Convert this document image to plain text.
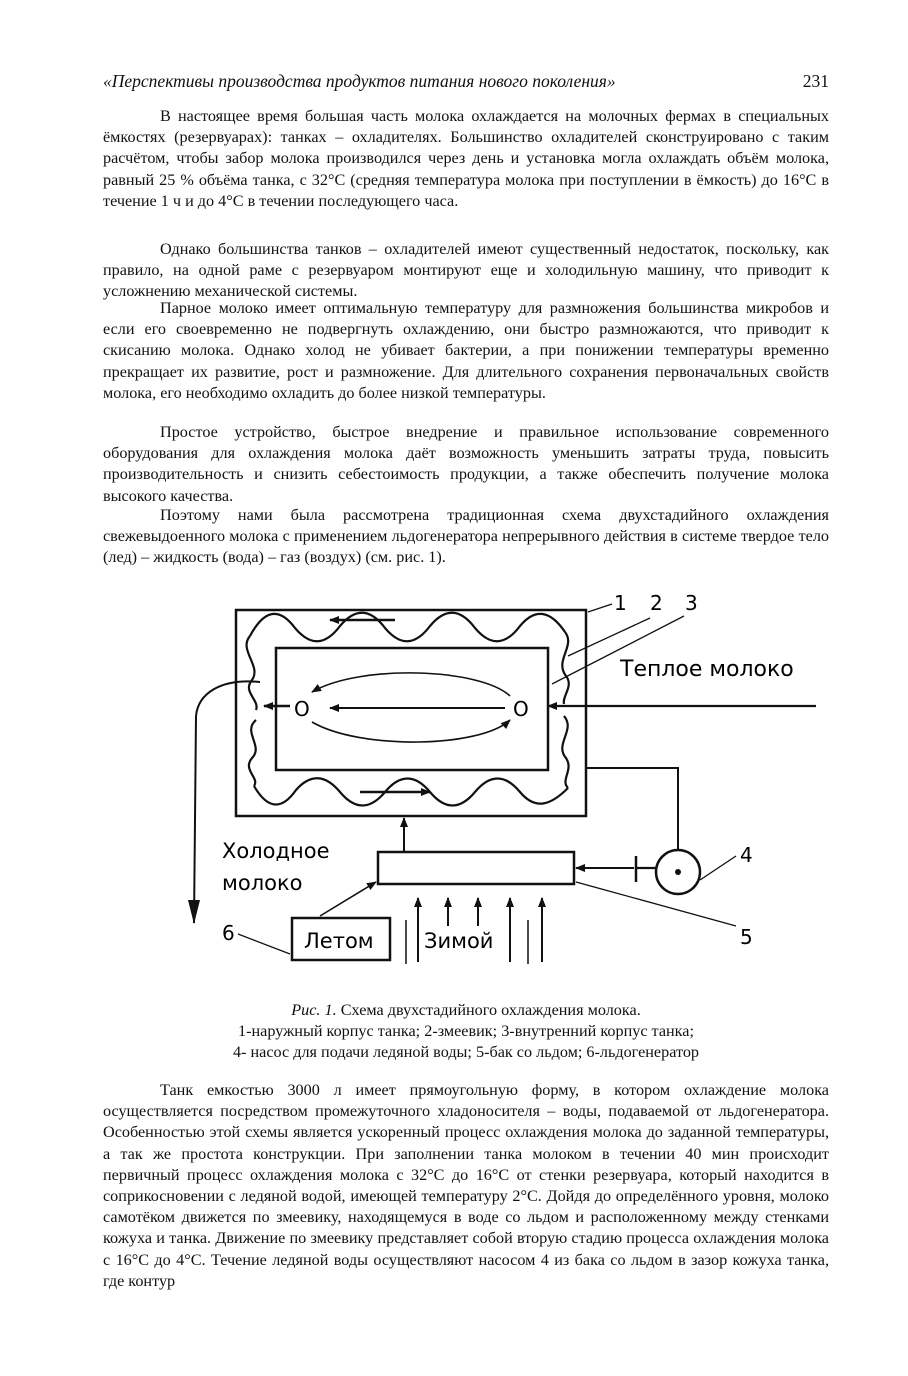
«Перспективы производства продуктов питания нового поколения»	231

В настоящее время большая часть молока охлаждается на молочных фермах в специальных ёмкостях (резервуарах): танках – охладителях. Большинство охладителей сконструировано с таким расчётом, чтобы забор молока производился через день и установка могла охлаждать объём молока, равный 25 % объёма танка, с 32°С (средняя температура молока при поступлении в ёмкость) до 16°С в течение 1 ч и до 4°С в течении последующего часа.

Однако большинства танков – охладителей имеют существенный недостаток, поскольку, как правило, на одной раме с резервуаром монтируют еще и холодильную машину, что приводит к усложнению механической системы.

Парное молоко имеет оптимальную температуру для размножения большинства микробов и если его своевременно не подвергнуть охлаждению, они быстро размножаются, что приводит к скисанию молока. Однако холод не убивает бактерии, а при понижении температуры временно прекращает их развитие, рост и размножение. Для длительного сохранения первоначальных свойств молока, его необходимо охладить до более низкой температуры.

Простое устройство, быстрое внедрение и правильное использование современного оборудования для охлаждения молока даёт возможность уменьшить затраты труда, повысить производительность и снизить себестоимость продукции, а также обеспечить получение молока высокого качества.

Поэтому нами была рассмотрена традиционная схема двухстадийного охлаждения свежевыдоенного молока с применением льдогенератора непрерывного действия в системе твердое тело (лед) – жидкость (вода) – газ (воздух) (см. рис. 1).

О	О
Теплое молоко
1 2 3
4
Холодное
молоко
Летом
6	Зимой	5
Рис. 1. Схема двухстадийного охлаждения молока.
1-наружный корпус танка; 2-змеевик; 3-внутренний корпус танка;
4- насос для подачи ледяной воды; 5-бак со льдом; 6-льдогенератор

Танк емкостью 3000 л имеет прямоугольную форму, в котором охлаждение молока осуществляется посредством промежуточного хладоносителя – воды, подаваемой от льдогенератора. Особенностью этой схемы является ускоренный процесс охлаждения молока до заданной температуры, а так же простота конструкции. При заполнении танка молоком в течении 40 мин происходит первичный процесс охлаждения молока с 32°С до 16°С от стенки резервуара, который находится в соприкосновении с ледяной водой, имеющей температуру 2°С. Дойдя до определённого уровня, молоко самотёком движется по змеевику, находящемуся в воде со льдом и расположенному между стенками кожуха и танка. Движение по змеевику представляет собой вторую стадию процесса охлаждения молока с 16°С до 4°С. Течение ледяной воды осуществляют насосом 4 из бака со льдом в зазор кожуха танка, где контур
